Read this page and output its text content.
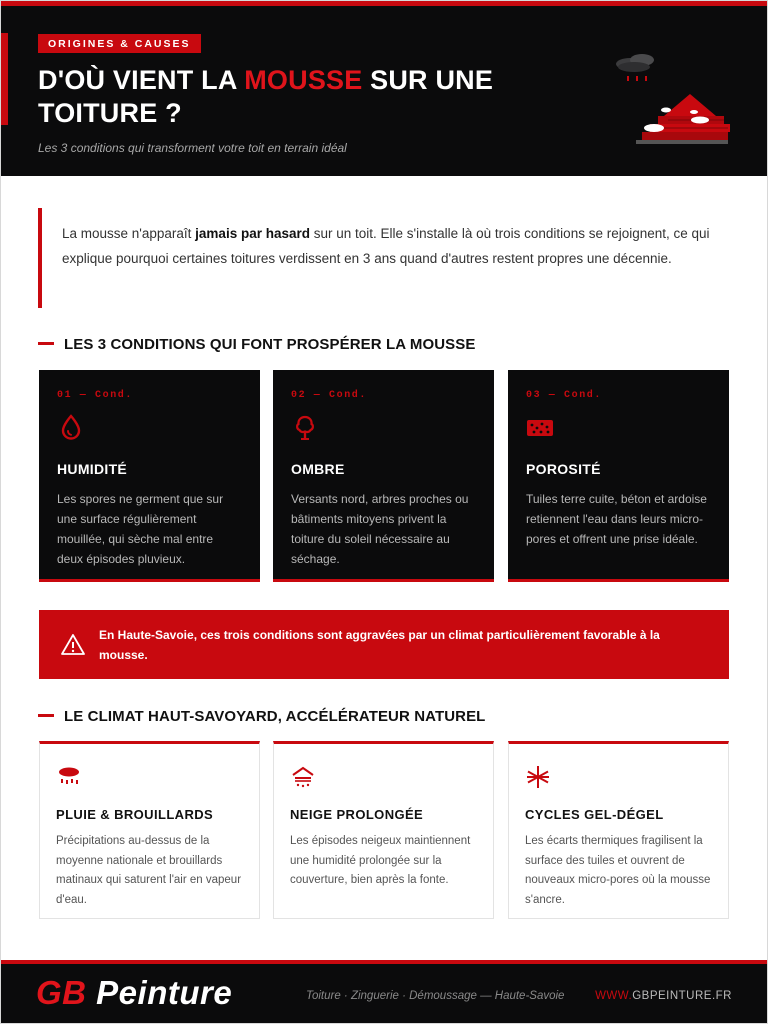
ORIGINES & CAUSES
D'OÙ VIENT LA MOUSSE SUR UNE TOITURE ?
Les 3 conditions qui transforment votre toit en terrain idéal
La mousse n'apparaît jamais par hasard sur un toit. Elle s'installe là où trois conditions se rejoignent, ce qui explique pourquoi certaines toitures verdissent en 3 ans quand d'autres restent propres une décennie.
LES 3 CONDITIONS QUI FONT PROSPÉRER LA MOUSSE
01 — Cond.
HUMIDITÉ
Les spores ne germent que sur une surface régulièrement mouillée, qui sèche mal entre deux épisodes pluvieux.
02 — Cond.
OMBRE
Versants nord, arbres proches ou bâtiments mitoyens privent la toiture du soleil nécessaire au séchage.
03 — Cond.
POROSITÉ
Tuiles terre cuite, béton et ardoise retiennent l'eau dans leurs micro-pores et offrent une prise idéale.
En Haute-Savoie, ces trois conditions sont aggravées par un climat particulièrement favorable à la mousse.
LE CLIMAT HAUT-SAVOYARD, ACCÉLÉRATEUR NATUREL
PLUIE & BROUILLARDS
Précipitations au-dessus de la moyenne nationale et brouillards matinaux qui saturent l'air en vapeur d'eau.
NEIGE PROLONGÉE
Les épisodes neigeux maintiennent une humidité prolongée sur la couverture, bien après la fonte.
CYCLES GEL-DÉGEL
Les écarts thermiques fragilisent la surface des tuiles et ouvrent de nouveaux micro-pores où la mousse s'ancre.
GB Peinture	Toiture · Zinguerie · Démoussage — Haute-Savoie	WWW.GBPEINTURE.FR
